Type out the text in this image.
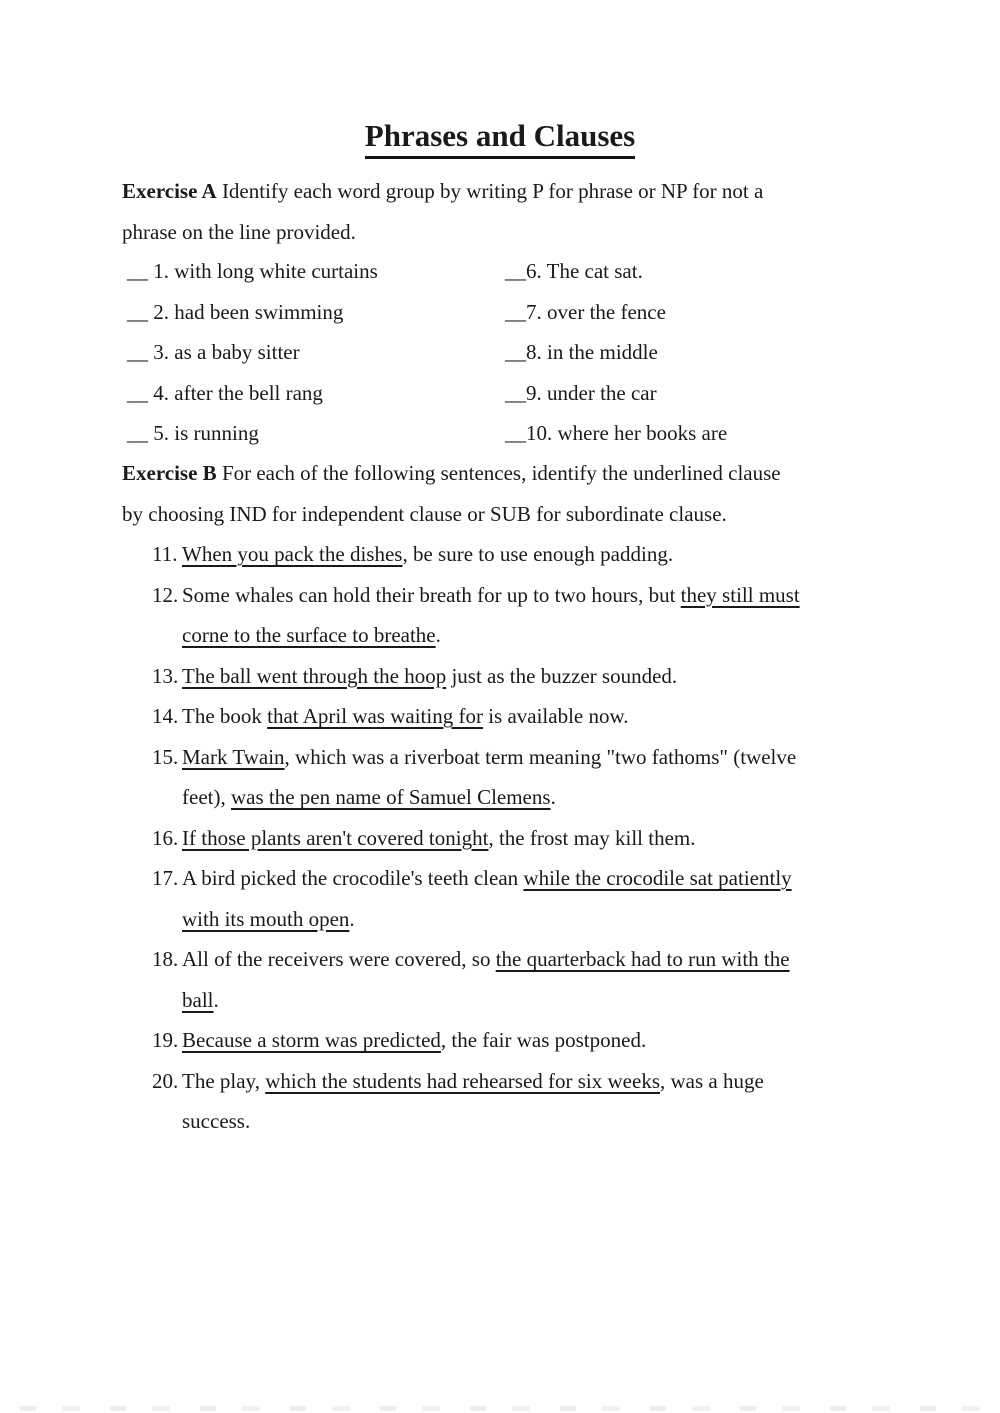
Phrases and Clauses
Exercise A Identify each word group by writing P for phrase or NP for not a
phrase on the line provided.
__ 1. with long white curtains
__ 2. had been swimming
__ 3. as a baby sitter
__ 4. after the bell rang
__ 5. is running
__6. The cat sat.
__7. over the fence
__8. in the middle
__9. under the car
__10. where her books are
Exercise B For each of the following sentences, identify the underlined clause
by choosing IND for independent clause or SUB for subordinate clause.
11. When you pack the dishes, be sure to use enough padding.
12. Some whales can hold their breath for up to two hours, but they still must
corne to the surface to breathe.
13. The ball went through the hoop just as the buzzer sounded.
14. The book that April was waiting for is available now.
15. Mark Twain, which was a riverboat term meaning "two fathoms" (twelve
feet), was the pen name of Samuel Clemens.
16. If those plants aren't covered tonight, the frost may kill them.
17. A bird picked the crocodile's teeth clean while the crocodile sat patiently
with its mouth open.
18. All of the receivers were covered, so the quarterback had to run with the
ball.
19. Because a storm was predicted, the fair was postponed.
20. The play, which the students had rehearsed for six weeks, was a huge
success.
